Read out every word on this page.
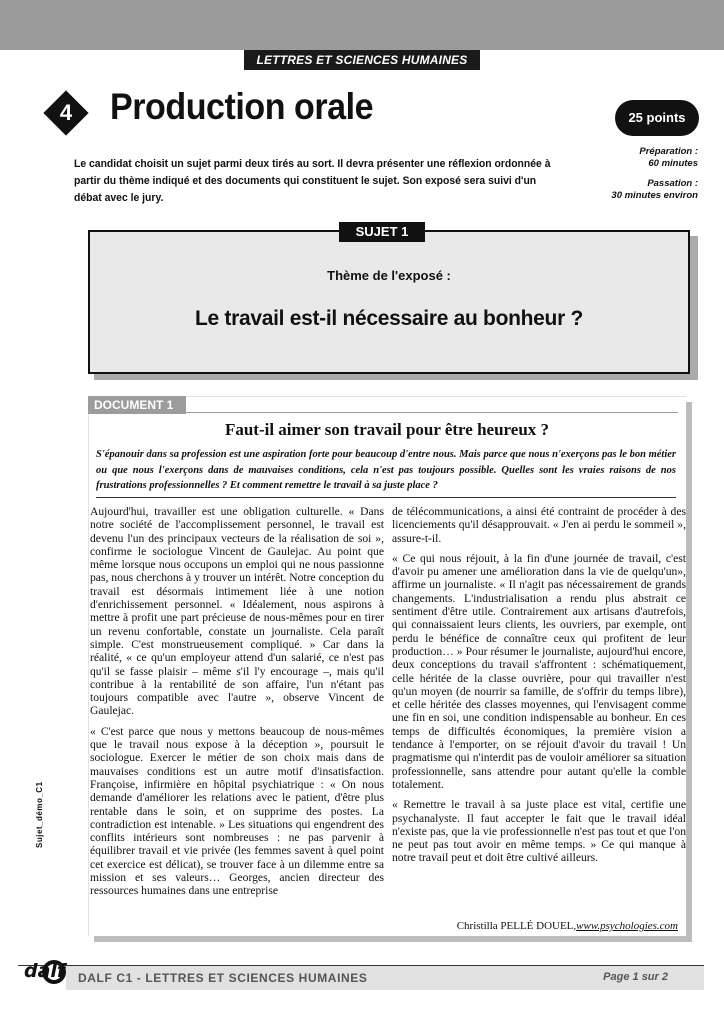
LETTRES ET SCIENCES HUMAINES
4 Production orale	25 points
Le candidat choisit un sujet parmi deux tirés au sort. Il devra présenter une réflexion ordonnée à partir du thème indiqué et des documents qui constituent le sujet. Son exposé sera suivi d'un débat avec le jury.
Préparation :
60 minutes
Passation :
30 minutes environ
SUJET 1
Thème de l'exposé :
Le travail est-il nécessaire au bonheur ?
DOCUMENT 1
Faut-il aimer son travail pour être heureux ?
S'épanouir dans sa profession est une aspiration forte pour beaucoup d'entre nous. Mais parce que nous n'exerçons pas le bon métier ou que nous l'exerçons dans de mauvaises conditions, cela n'est pas toujours possible. Quelles sont les vraies raisons de nos frustrations professionnelles ? Et comment remettre le travail à sa juste place ?

Aujourd'hui, travailler est une obligation culturelle. « Dans notre société de l'accomplissement personnel, le travail est devenu l'un des principaux vecteurs de la réalisation de soi », confirme le sociologue Vincent de Gaulejac. Au point que même lorsque nous occupons un emploi qui ne nous passionne pas, nous cherchons à y trouver un intérêt. Notre conception du travail est désormais intimement liée à une notion d'enrichissement personnel. « Idéalement, nous aspirons à mettre à profit une part précieuse de nous-mêmes pour en tirer un revenu confortable, constate un journaliste. Cela paraît simple. C'est monstrueusement compliqué. » Car dans la réalité, « ce qu'un employeur attend d'un salarié, ce n'est pas qu'il se fasse plaisir – même s'il l'y encourage –, mais qu'il contribue à la rentabilité de son affaire, l'un n'étant pas toujours compatible avec l'autre », observe Vincent de Gaulejac.

« C'est parce que nous y mettons beaucoup de nous-mêmes que le travail nous expose à la déception », poursuit le sociologue. Exercer le métier de son choix mais dans de mauvaises conditions est un autre motif d'insatisfaction. Françoise, infirmière en hôpital psychiatrique : « On nous demande d'améliorer les relations avec le patient, d'être plus rentable dans le soin, et on supprime des postes. La contradiction est intenable. » Les situations qui engendrent des conflits intérieurs sont nombreuses : ne pas parvenir à équilibrer travail et vie privée (les femmes savent à quel point cet exercice est délicat), se trouver face à un dilemme entre sa mission et ses valeurs… Georges, ancien directeur des ressources humaines dans une entreprise

de télécommunications, a ainsi été contraint de procéder à des licenciements qu'il désapprouvait. « J'en ai perdu le sommeil », assure-t-il.

« Ce qui nous réjouit, à la fin d'une journée de travail, c'est d'avoir pu amener une amélioration dans la vie de quelqu'un», affirme un journaliste. « Il n'agit pas nécessairement de grands changements. L'industrialisation a rendu plus abstrait ce sentiment d'être utile. Contrairement aux artisans d'autrefois, qui connaissaient leurs clients, les ouvriers, par exemple, ont perdu le bénéfice de connaître ceux qui profitent de leur production… » Pour résumer le journaliste, aujourd'hui encore, deux conceptions du travail s'affrontent : schématiquement, celle héritée de la classe ouvrière, pour qui travailler n'est qu'un moyen (de nourrir sa famille, de s'offrir du temps libre), et celle héritée des classes moyennes, qui l'envisagent comme une fin en soi, une condition indispensable au bonheur. En ces temps de difficultés économiques, la première vision a tendance à l'emporter, on se réjouit d'avoir du travail ! Un pragmatisme qui n'interdit pas de vouloir améliorer sa situation professionnelle, sans attendre pour autant qu'elle la comble totalement.

« Remettre le travail à sa juste place est vital, certifie une psychanalyste. Il faut accepter le fait que le travail idéal n'existe pas, que la vie professionnelle n'est pas tout et que l'on ne peut pas tout avoir en même temps. » Ce qui manque à notre travail peut et doit être cultivé ailleurs.

Christilla PELLÉ DOUEL,www.psychologies.com
Sujet_démo_C1
dalf DALF C1 - LETTRES ET SCIENCES HUMAINES	Page 1 sur 2
